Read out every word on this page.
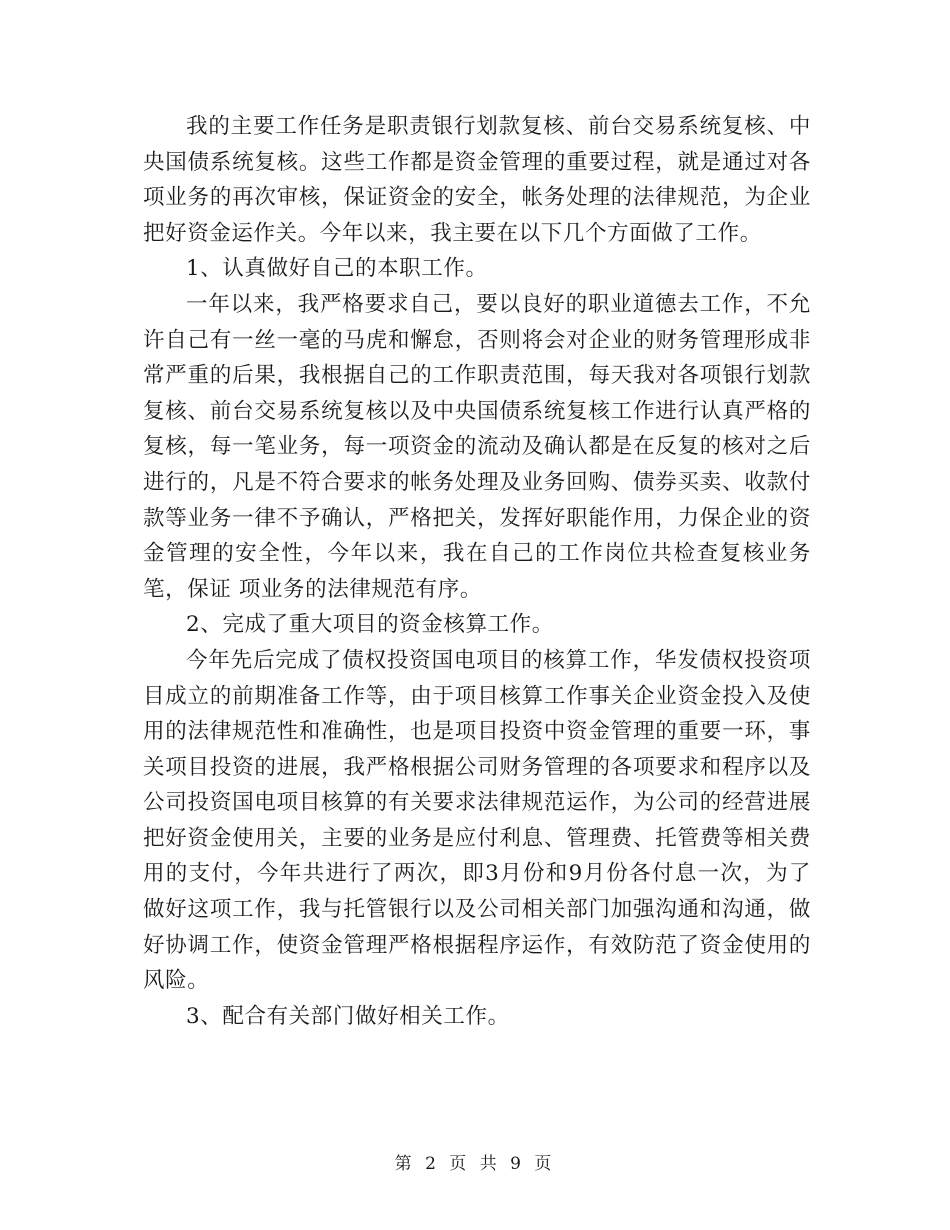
我的主要工作任务是职责银行划款复核、前台交易系统复核、中央国债系统复核。这些工作都是资金管理的重要过程，就是通过对各项业务的再次审核，保证资金的安全，帐务处理的法律规范，为企业把好资金运作关。今年以来，我主要在以下几个方面做了工作。

1、认真做好自己的本职工作。

一年以来，我严格要求自己，要以良好的职业道德去工作，不允许自己有一丝一毫的马虎和懈怠，否则将会对企业的财务管理形成非常严重的后果，我根据自己的工作职责范围，每天我对各项银行划款复核、前台交易系统复核以及中央国债系统复核工作进行认真严格的复核，每一笔业务，每一项资金的流动及确认都是在反复的核对之后进行的，凡是不符合要求的帐务处理及业务回购、债券买卖、收款付款等业务一律不予确认，严格把关，发挥好职能作用，力保企业的资金管理的安全性，今年以来，我在自己的工作岗位共检查复核业务笔，保证 项业务的法律规范有序。

2、完成了重大项目的资金核算工作。

今年先后完成了债权投资国电项目的核算工作，华发债权投资项目成立的前期准备工作等，由于项目核算工作事关企业资金投入及使用的法律规范性和准确性，也是项目投资中资金管理的重要一环，事关项目投资的进展，我严格根据公司财务管理的各项要求和程序以及公司投资国电项目核算的有关要求法律规范运作，为公司的经营进展把好资金使用关，主要的业务是应付利息、管理费、托管费等相关费用的支付，今年共进行了两次，即3月份和9月份各付息一次，为了做好这项工作，我与托管银行以及公司相关部门加强沟通和沟通，做好协调工作，使资金管理严格根据程序运作，有效防范了资金使用的风险。

3、配合有关部门做好相关工作。

第 2 页 共 9 页
